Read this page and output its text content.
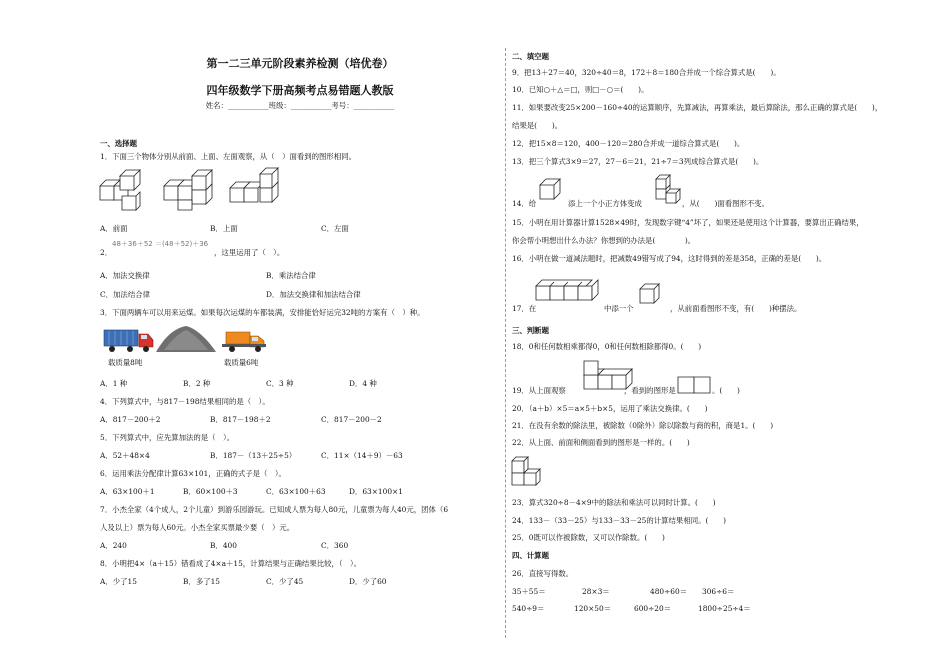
第一二三单元阶段素养检测（培优卷）
四年级数学下册高频考点易错题人教版
姓名：___________班级：___________考号：___________
一、选择题
1．下面三个物体分别从前面、上面、左面观察，从（　）面看到的图形相同。
A．前面	B．上面	C．左面
48＋36＋52 ＝(48＋52)＋36
2．	，这里运用了（　）。
A．加法交换律	B．乘法结合律
C．加法结合律	D．加法交换律和加法结合律
3．下面两辆车可以用来运煤。如果每次运煤的车都装满，安排能恰好运完32吨的方案有（　）种。
载质量8吨	载质量6吨
A．1 种	B．2 种	C．3 种	D．4 种
4．下列算式中，与817－198结果相同的是（　）。
A．817－200＋2	B．817－198＋2	C．817－200－2
5．下列算式中，应先算加法的是（　）。
A．52＋48×4	B．187－（13＋25÷5）	C．11×（14＋9）－63
6．运用乘法分配律计算63×101，正确的式子是（　）。
A．63×100＋1	B．60×100＋3	C．63×100＋63	D．63×100×1
7．小杰全家（4个成人，2个儿童）到游乐园游玩。已知成人票为每人80元，儿童票为每人40元，团体（6
人及以上）票为每人60元。小杰全家买票最少要（　）元。
A．240	B．400	C．360
8．小明把4×（a＋15）错看成了4×a＋15，计算结果与正确结果比较，（　）。
A．少了15	B．多了15	C．少了45	D．少了60
二、填空题
9．把13＋27＝40，320÷40＝8，172＋8＝180合并成一个综合算式是(　　)。
10．已知○＋△＝□，则□－○＝(　　)。
11．如果要改变25×200－160÷40的运算顺序，先算减法，再算乘法，最后算除法，那么正确的算式是(　　)，
结果是(　　)。
12．把15×8＝120，400－120＝280合并成一道综合算式是(　　)。
13．把三个算式3×9＝27，27－6＝21，21÷7＝3列成综合算式是(　　)。
14．给	添上一个小正方体变成	，从(　　)面看图形不变。
15．小明在用计算器计算1528×49时，发现数字键“4”坏了，如果还是使用这个计算器，要算出正确结果，
你会帮小明想出什么办法？你想到的办法是(　　　　)。
16．小明在做一道减法题时，把减数49错写成了94，这时得到的差是358，正确的差是(　　)。
17．在	中添一个	，从前面看图形不变，有(　　)种摆法。
三、判断题
18．0和任何数相乘都得0，0和任何数相除都得0。(　　)
19．从上面观察	，看到的图形是	。(　　)
20．（a＋b）×5＝a×5＋b×5，运用了乘法交换律。(　　)
21．在没有余数的除法里，被除数（0除外）除以除数与商的积，商是1。(　　)
22．从上面、前面和侧面看到的图形是一样的。(　　)
23．算式320÷8－4×9中的除法和乘法可以同时计算。(　　)
24．133－（33－25）与133－33－25的计算结果相同。(　　)
25．0既可以作被除数，又可以作除数。(　　)
四、计算题
26．直接写得数。
35＋55＝	28×3＝	480÷60＝ 306÷6＝
540÷9＝	120×50＝	600÷20＝	1800÷25÷4＝
